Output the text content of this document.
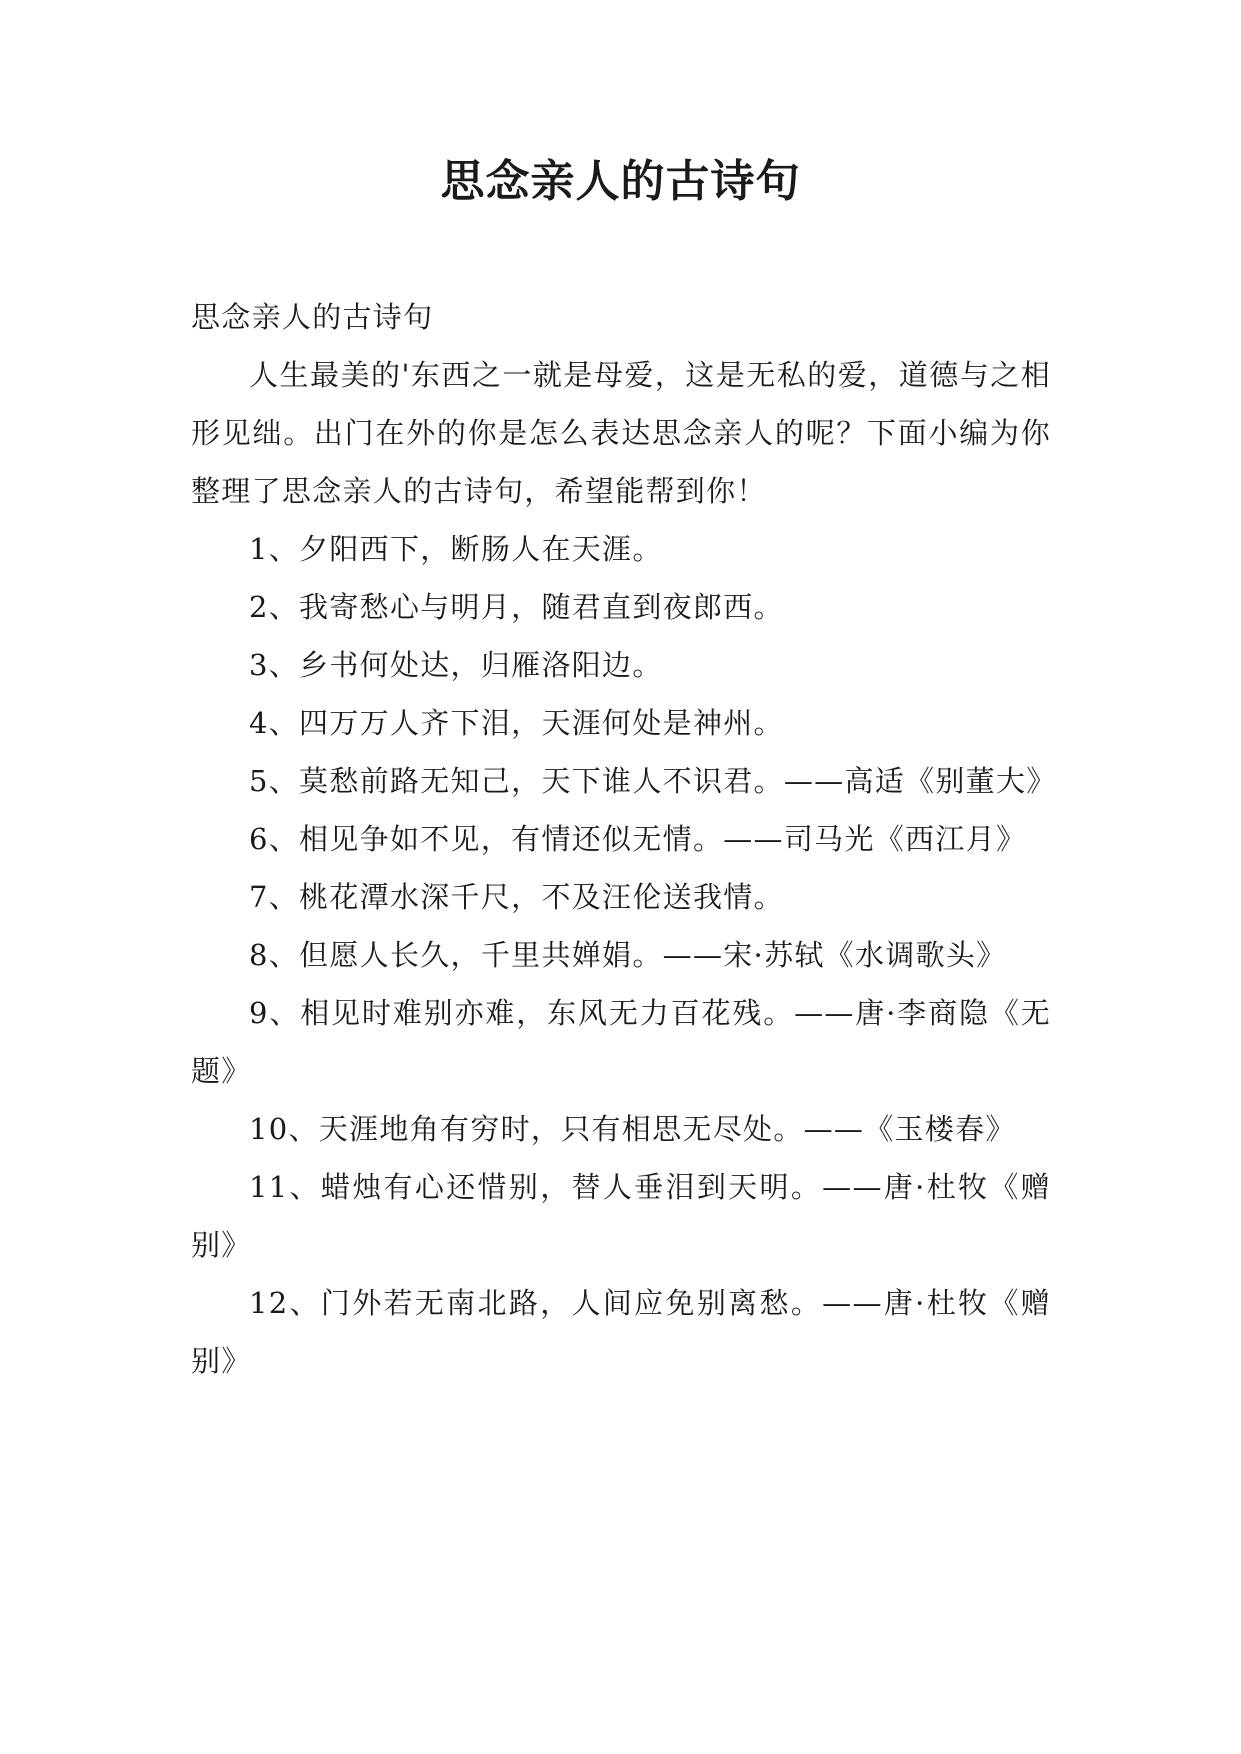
思念亲人的古诗句

思念亲人的古诗句

人生最美的'东西之一就是母爱，这是无私的爱，道德与之相形见绌。出门在外的你是怎么表达思念亲人的呢？下面小编为你整理了思念亲人的古诗句，希望能帮到你！

1、夕阳西下，断肠人在天涯。

2、我寄愁心与明月，随君直到夜郎西。

3、乡书何处达，归雁洛阳边。

4、四万万人齐下泪，天涯何处是神州。

5、莫愁前路无知己，天下谁人不识君。——高适《别董大》

6、相见争如不见，有情还似无情。——司马光《西江月》

7、桃花潭水深千尺，不及汪伦送我情。

8、但愿人长久，千里共婵娟。——宋·苏轼《水调歌头》

9、相见时难别亦难，东风无力百花残。——唐·李商隐《无题》

10、天涯地角有穷时，只有相思无尽处。——《玉楼春》

11、蜡烛有心还惜别，替人垂泪到天明。——唐·杜牧《赠别》

12、门外若无南北路，人间应免别离愁。——唐·杜牧《赠别》
